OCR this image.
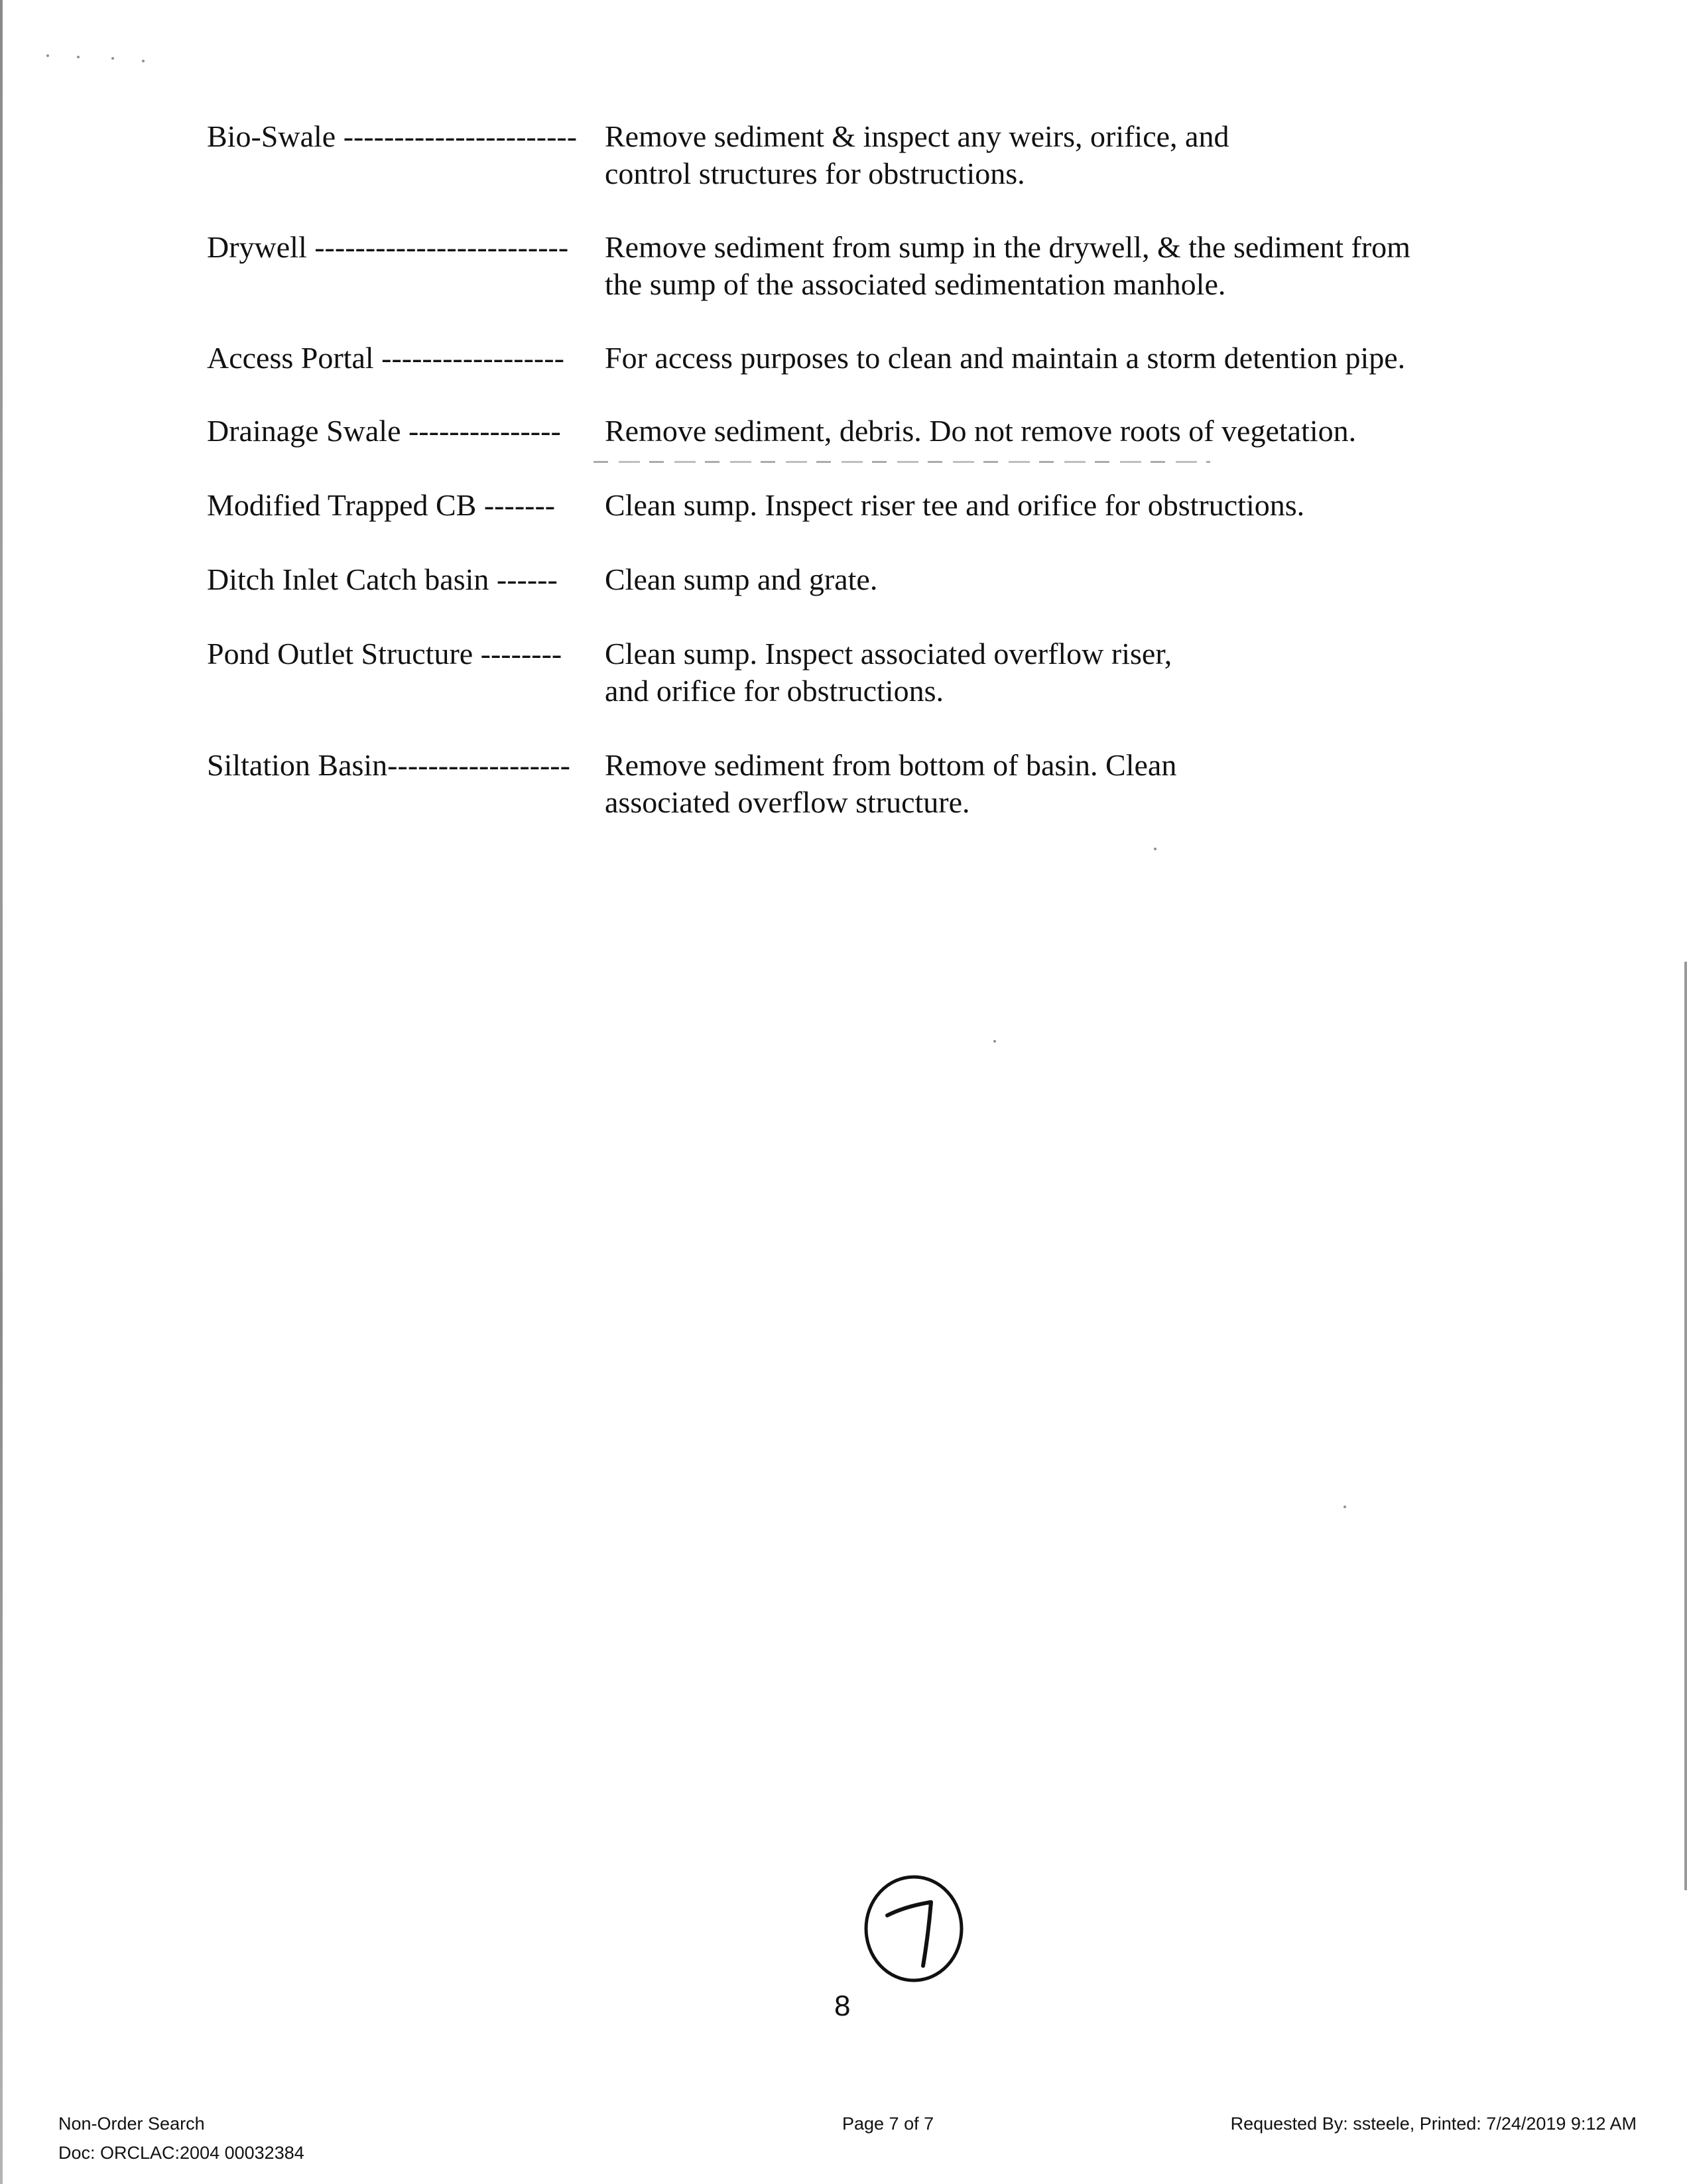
Bio-Swale ----------------------- Remove sediment & inspect any weirs, orifice, and
control structures for obstructions.
Drywell ------------------------- Remove sediment from sump in the drywell, & the sediment from
the sump of the associated sedimentation manhole.
Access Portal ------------------ For access purposes to clean and maintain a storm detention pipe.
Drainage Swale --------------- Remove sediment, debris. Do not remove roots of vegetation.
Modified Trapped CB ------- Clean sump. Inspect riser tee and orifice for obstructions.
Ditch Inlet Catch basin ------ Clean sump and grate.
Pond Outlet Structure -------- Clean sump. Inspect associated overflow riser,
and orifice for obstructions.
Siltation Basin------------------ Remove sediment from bottom of basin. Clean
associated overflow structure.
8
Non-Order Search
Doc: ORCLAC:2004 00032384
Page 7 of 7	Requested By: ssteele, Printed: 7/24/2019 9:12 AM
